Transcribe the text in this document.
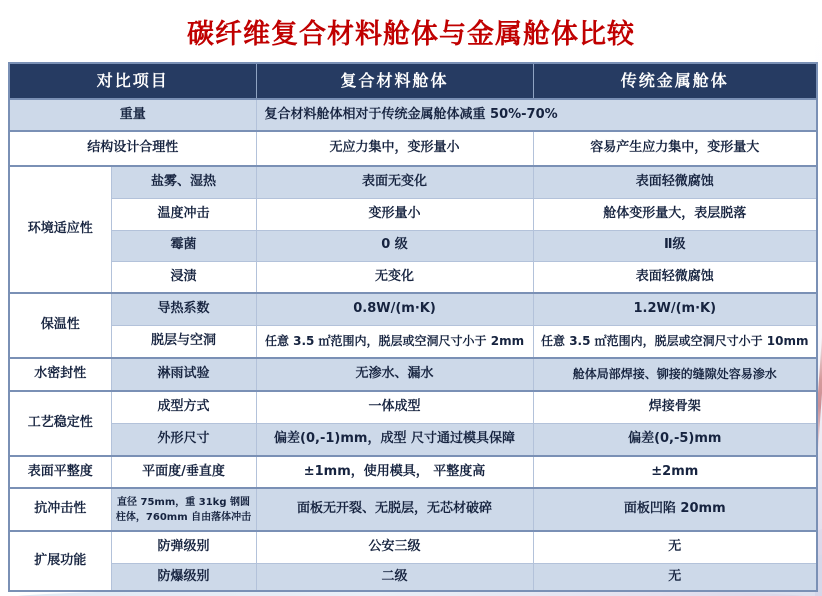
碳纤维复合材料舱体与金属舱体比较
对比项目		复合材料舱体	传统金属舱体
重量		复合材料舱体相对于传统金属舱体减重 50%-70%	
结构设计合理性		无应力集中，变形量小	容易产生应力集中，变形量大
环境适应性	盐雾、湿热	表面无变化	表面轻微腐蚀
	温度冲击	变形量小	舱体变形量大，表层脱落
	霉菌	0 级	Ⅱ级
	浸渍	无变化	表面轻微腐蚀
保温性	导热系数	0.8W/(m·K)	1.2W/(m·K)
	脱层与空洞	任意 3.5 ㎡范围内，脱层或空洞尺寸小于 2mm	任意 3.5 ㎡范围内，脱层或空洞尺寸小于 10mm
水密封性	淋雨试验	无渗水、漏水	舱体局部焊接、铆接的缝隙处容易渗水
工艺稳定性	成型方式	一体成型	焊接骨架
	外形尺寸	偏差(0,-1)mm，成型 尺寸通过模具保障	偏差(0,-5)mm
表面平整度	平面度/垂直度	±1mm，使用模具， 平整度高	±2mm
抗冲击性	直径 75mm，重 31kg 钢圆柱体，760mm 自由落体冲击	面板无开裂、无脱层，无芯材破碎	面板凹陷 20mm
扩展功能	防弹级别	公安三级	无
	防爆级别	二级	无
